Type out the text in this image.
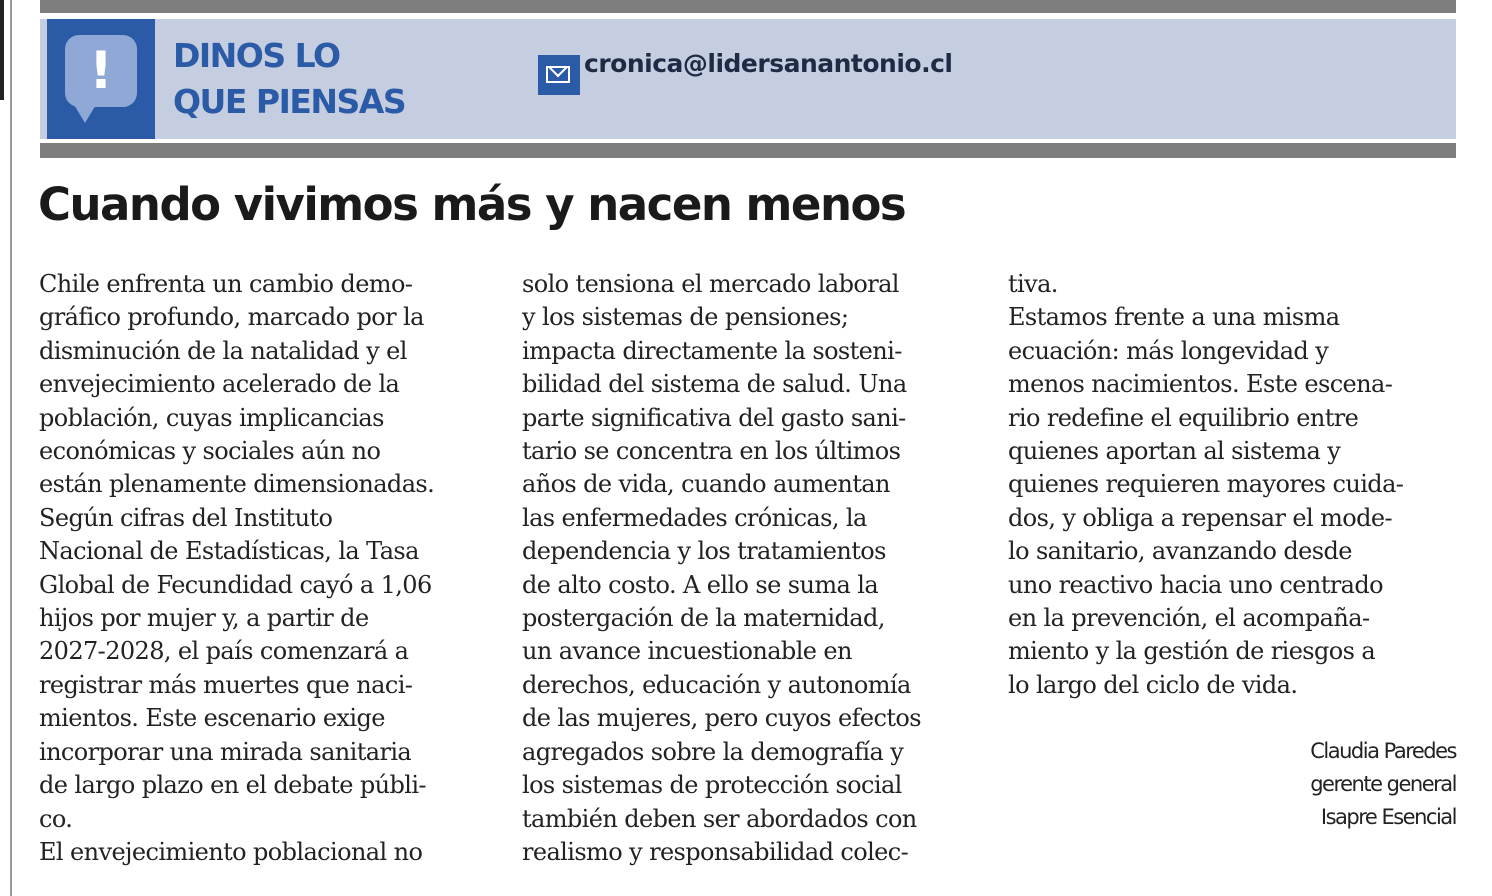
!	DINOS LO
QUE PIENSAS
cronica@lidersanantonio.cl
Cuando vivimos más y nacen menos
Chile enfrenta un cambio demo-
gráfico profundo, marcado por la
disminución de la natalidad y el
envejecimiento acelerado de la
población, cuyas implicancias
económicas y sociales aún no
están plenamente dimensionadas.
Según cifras del Instituto
Nacional de Estadísticas, la Tasa
Global de Fecundidad cayó a 1,06
hijos por mujer y, a partir de
2027-2028, el país comenzará a
registrar más muertes que naci-
mientos. Este escenario exige
incorporar una mirada sanitaria
de largo plazo en el debate públi-
co.
El envejecimiento poblacional no
solo tensiona el mercado laboral
y los sistemas de pensiones;
impacta directamente la sosteni-
bilidad del sistema de salud. Una
parte significativa del gasto sani-
tario se concentra en los últimos
años de vida, cuando aumentan
las enfermedades crónicas, la
dependencia y los tratamientos
de alto costo. A ello se suma la
postergación de la maternidad,
un avance incuestionable en
derechos, educación y autonomía
de las mujeres, pero cuyos efectos
agregados sobre la demografía y
los sistemas de protección social
también deben ser abordados con
realismo y responsabilidad colec-
tiva.
Estamos frente a una misma
ecuación: más longevidad y
menos nacimientos. Este escena-
rio redefine el equilibrio entre
quienes aportan al sistema y
quienes requieren mayores cuida-
dos, y obliga a repensar el mode-
lo sanitario, avanzando desde
uno reactivo hacia uno centrado
en la prevención, el acompaña-
miento y la gestión de riesgos a
lo largo del ciclo de vida.
Claudia Paredes
gerente general
Isapre Esencial
